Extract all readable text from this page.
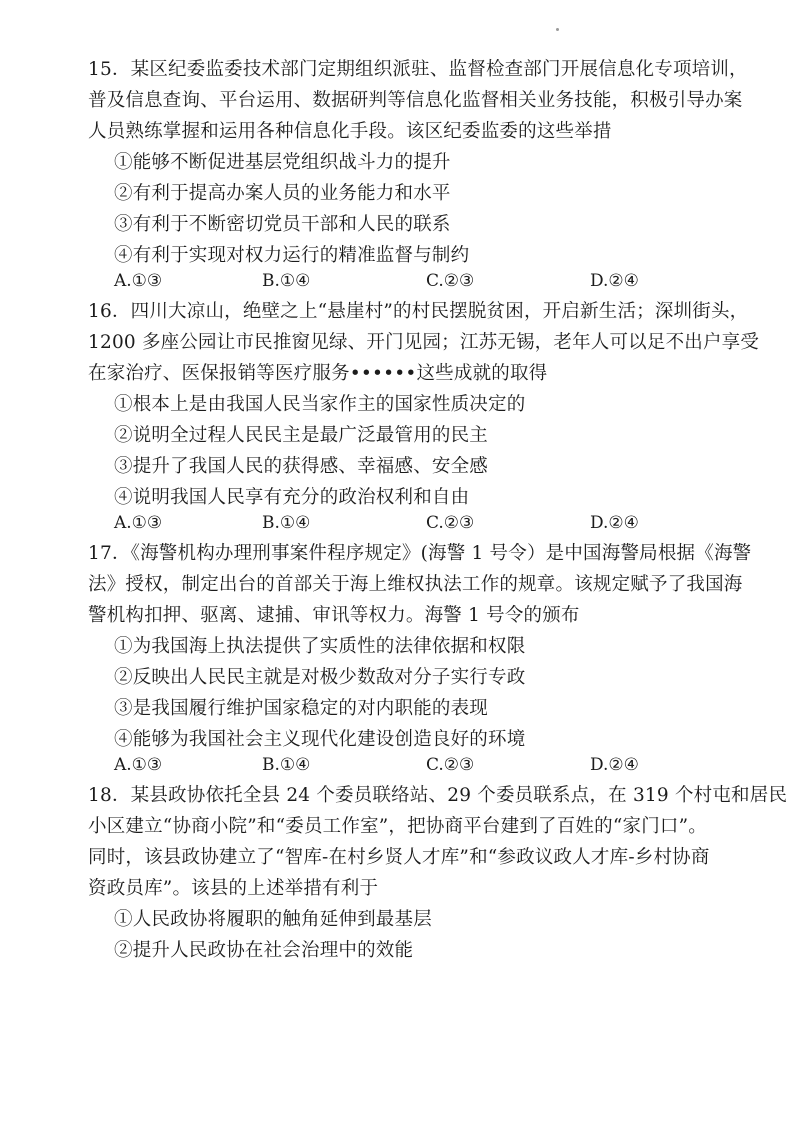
15．某区纪委监委技术部门定期组织派驻、监督检查部门开展信息化专项培训，
普及信息查询、平台运用、数据研判等信息化监督相关业务技能，积极引导办案
人员熟练掌握和运用各种信息化手段。该区纪委监委的这些举措
①能够不断促进基层党组织战斗力的提升
②有利于提高办案人员的业务能力和水平
③有利于不断密切党员干部和人民的联系
④有利于实现对权力运行的精准监督与制约
A.①③	B.①④	C.②③	D.②④
16．四川大凉山，绝壁之上“悬崖村”的村民摆脱贫困，开启新生活；深圳街头，
1200 多座公园让市民推窗见绿、开门见园；江苏无锡，老年人可以足不出户享受
在家治疗、医保报销等医疗服务••••••这些成就的取得
①根本上是由我国人民当家作主的国家性质决定的
②说明全过程人民民主是最广泛最管用的民主
③提升了我国人民的获得感、幸福感、安全感
④说明我国人民享有充分的政治权利和自由
A.①③	B.①④	C.②③	D.②④
17．《海警机构办理刑事案件程序规定》(海警 1 号令）是中国海警局根据《海警
法》授权，制定出台的首部关于海上维权执法工作的规章。该规定赋予了我国海
警机构扣押、驱离、逮捕、审讯等权力。海警 1 号令的颁布
①为我国海上执法提供了实质性的法律依据和权限
②反映出人民民主就是对极少数敌对分子实行专政
③是我国履行维护国家稳定的对内职能的表现
④能够为我国社会主义现代化建设创造良好的环境
A.①③	B.①④	C.②③	D.②④
18．某县政协依托全县 24 个委员联络站、29 个委员联系点，在 319 个村屯和居民
小区建立“协商小院”和“委员工作室”，把协商平台建到了百姓的“家门口”。
同时，该县政协建立了“智库-在村乡贤人才库”和“参政议政人才库-乡村协商
资政员库”。该县的上述举措有利于
①人民政协将履职的触角延伸到最基层
②提升人民政协在社会治理中的效能
